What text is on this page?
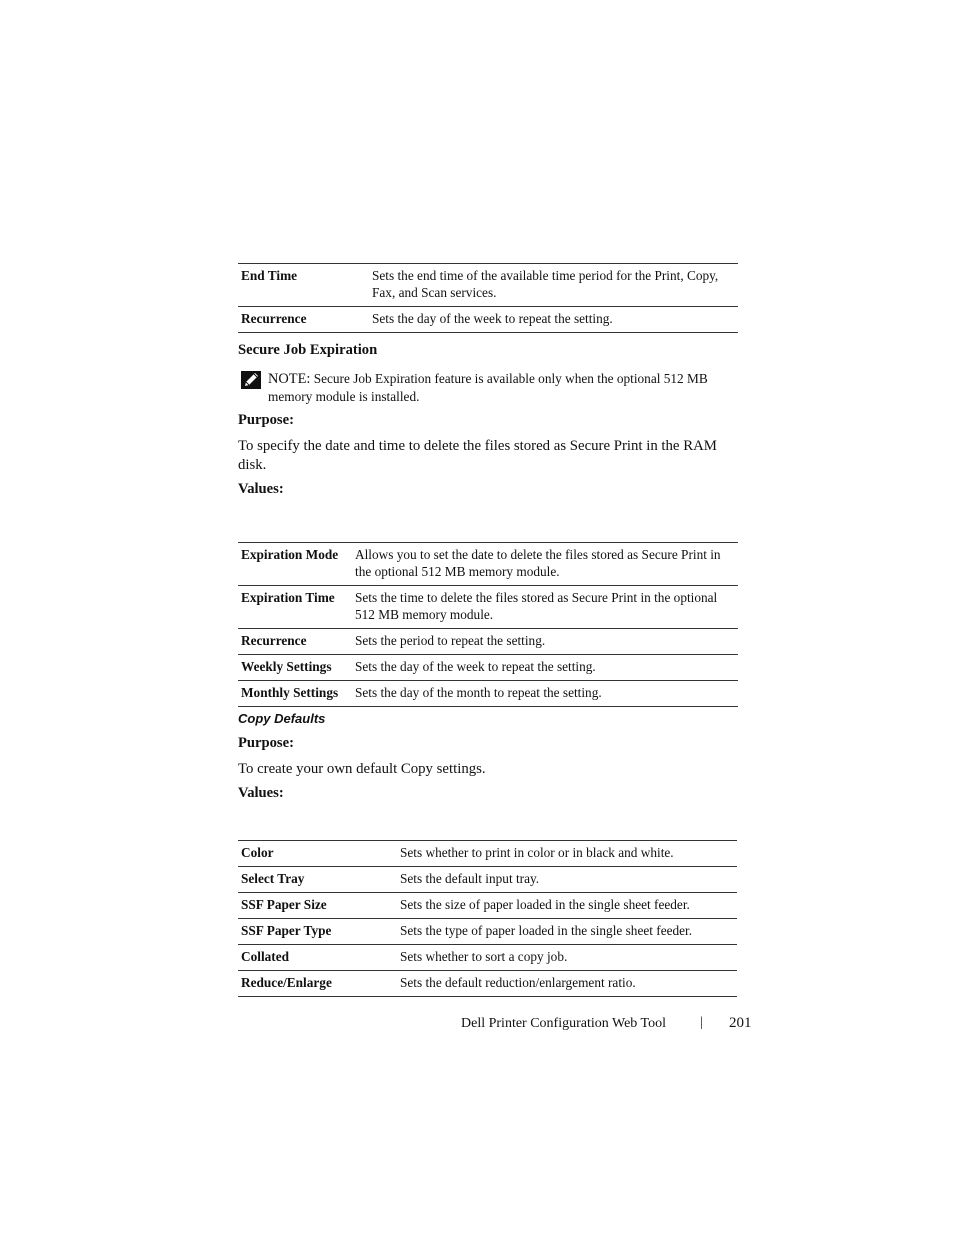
End Time	Sets the end time of the available time period for the Print, Copy, Fax, and Scan services.
Recurrence	Sets the day of the week to repeat the setting.
Secure Job Expiration
NOTE: Secure Job Expiration feature is available only when the optional 512 MB memory module is installed.
Purpose:
To specify the date and time to delete the files stored as Secure Print in the RAM disk.
Values:
Expiration Mode	Allows you to set the date to delete the files stored as Secure Print in the optional 512 MB memory module.
Expiration Time	Sets the time to delete the files stored as Secure Print in the optional 512 MB memory module.
Recurrence	Sets the period to repeat the setting.
Weekly Settings	Sets the day of the week to repeat the setting.
Monthly Settings	Sets the day of the month to repeat the setting.
Copy Defaults
Purpose:
To create your own default Copy settings.
Values:
Color	Sets whether to print in color or in black and white.
Select Tray	Sets the default input tray.
SSF Paper Size	Sets the size of paper loaded in the single sheet feeder.
SSF Paper Type	Sets the type of paper loaded in the single sheet feeder.
Collated	Sets whether to sort a copy job.
Reduce/Enlarge	Sets the default reduction/enlargement ratio.
Dell Printer Configuration Web Tool | 201
